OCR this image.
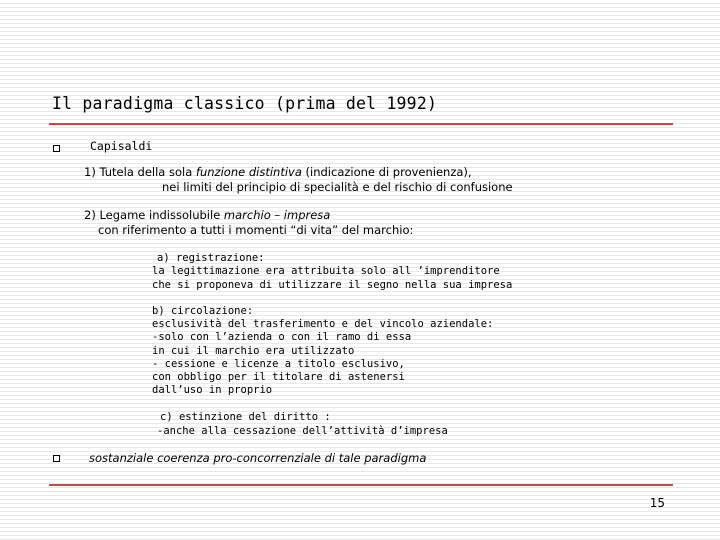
Il paradigma classico (prima del 1992)
Capisaldi
1) Tutela della sola funzione distintiva (indicazione di provenienza),
nei limiti del principio di specialità e del rischio di confusione
2) Legame indissolubile marchio – impresa
con riferimento a tutti i momenti “di vita” del marchio:
a) registrazione:
la legittimazione era attribuita solo all ’imprenditore
che si proponeva di utilizzare il segno nella sua impresa
b) circolazione:
esclusività del trasferimento e del vincolo aziendale:
-solo con l’azienda o con il ramo di essa
in cui il marchio era utilizzato
- cessione e licenze a titolo esclusivo,
con obbligo per il titolare di astenersi
dall’uso in proprio
c) estinzione del diritto :
-anche alla cessazione dell’attività d’impresa
sostanziale coerenza pro-concorrenziale di tale paradigma
15
